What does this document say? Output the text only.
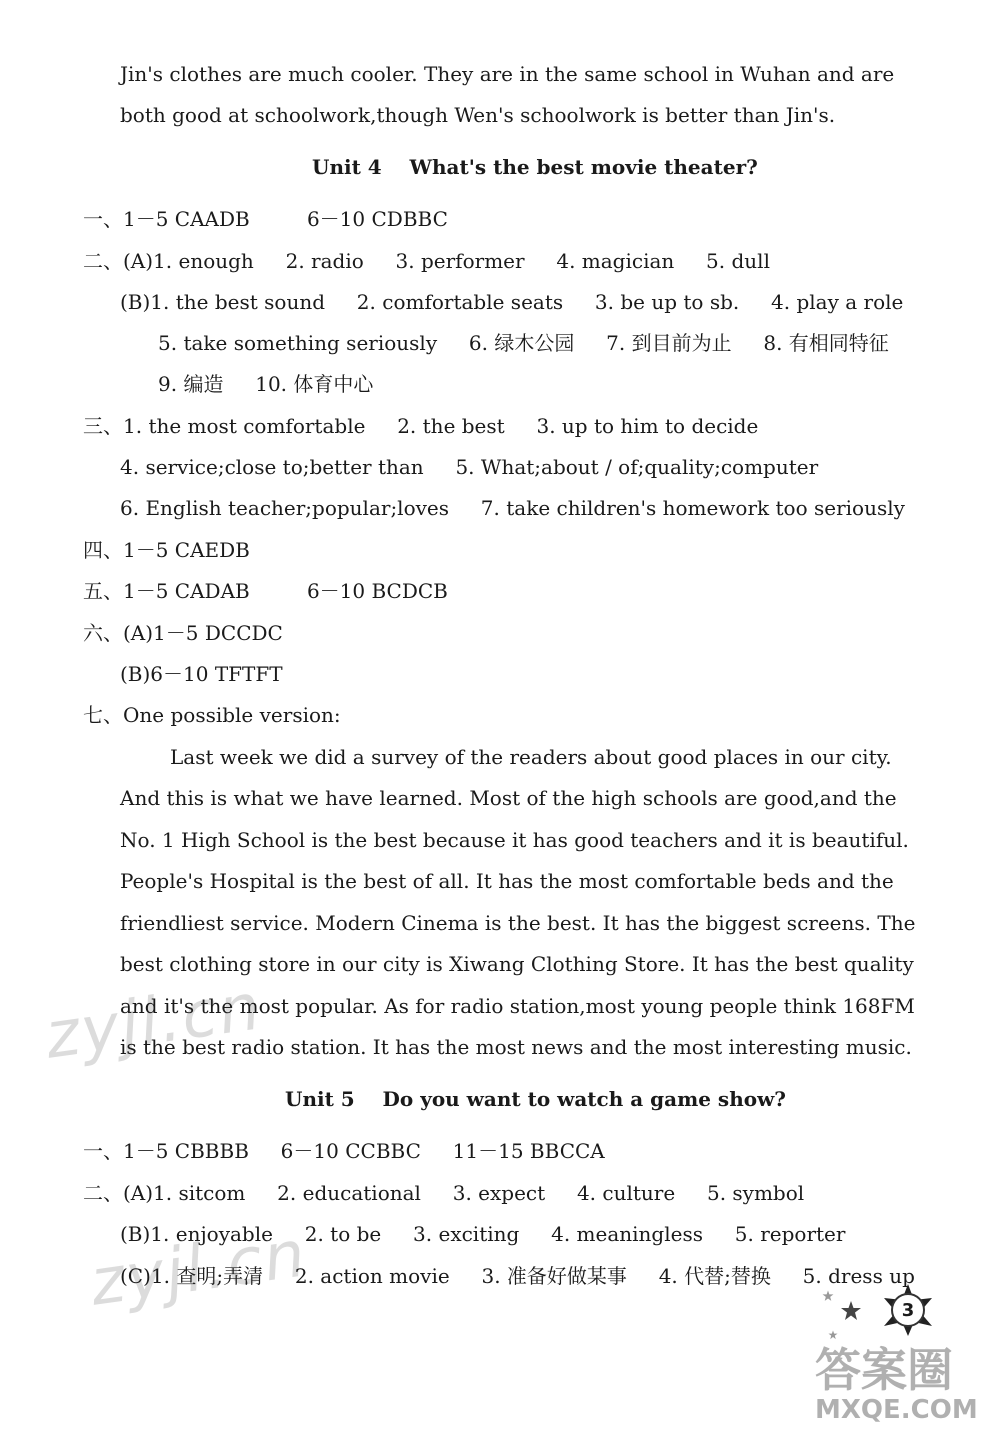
Jin's clothes are much cooler. They are in the same school in Wuhan and are
both good at schoolwork,though Wen's schoolwork is better than Jin's.
Unit 4    What's the best movie theater?
一、1－5 CAADB         6－10 CDBBC
二、(A)1. enough     2. radio     3. performer     4. magician     5. dull
(B)1. the best sound     2. comfortable seats     3. be up to sb.     4. play a role
5. take something seriously     6. 绿木公园     7. 到目前为止     8. 有相同特征
9. 编造     10. 体育中心
三、1. the most comfortable     2. the best     3. up to him to decide
4. service;close to;better than     5. What;about / of;quality;computer
6. English teacher;popular;loves     7. take children's homework too seriously
四、1－5 CAEDB
五、1－5 CADAB         6－10 BCDCB
六、(A)1－5 DCCDC
(B)6－10 TFTFT
七、One possible version:
Last week we did a survey of the readers about good places in our city.
And this is what we have learned. Most of the high schools are good,and the
No. 1 High School is the best because it has good teachers and it is beautiful.
People's Hospital is the best of all. It has the most comfortable beds and the
friendliest service. Modern Cinema is the best. It has the biggest screens. The
best clothing store in our city is Xiwang Clothing Store. It has the best quality
and it's the most popular. As for radio station,most young people think 168FM
is the best radio station. It has the most news and the most interesting music.
Unit 5    Do you want to watch a game show?
一、1－5 CBBBB     6－10 CCBBC     11－15 BBCCA
二、(A)1. sitcom     2. educational     3. expect     4. culture     5. symbol
(B)1. enjoyable     2. to be     3. exciting     4. meaningless     5. reporter
(C)1. 查明;弄清     2. action movie     3. 准备好做某事     4. 代替;替换     5. dress up
zyjl.cn
zyjl.cn	3
答案圈
MXQE.COM
